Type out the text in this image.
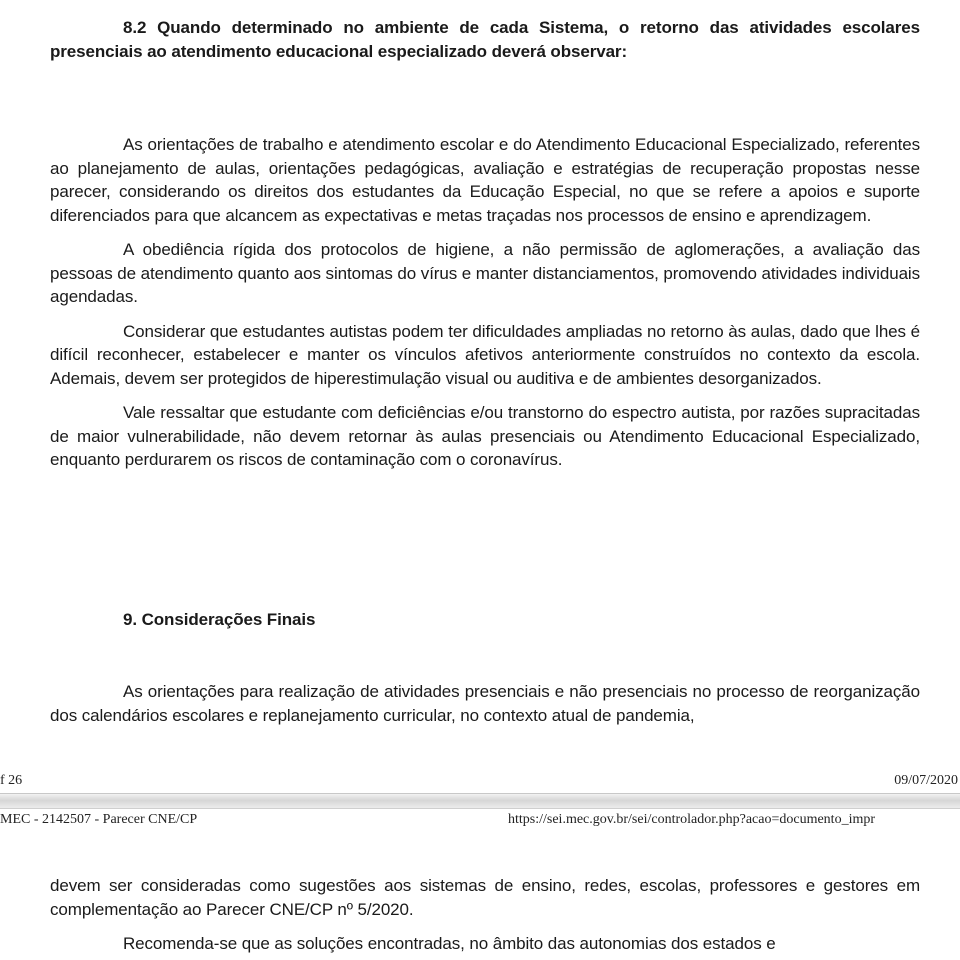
8.2 Quando determinado no ambiente de cada Sistema, o retorno das atividades escolares presenciais ao atendimento educacional especializado deverá observar:

As orientações de trabalho e atendimento escolar e do Atendimento Educacional Especializado, referentes ao planejamento de aulas, orientações pedagógicas, avaliação e estratégias de recuperação propostas nesse parecer, considerando os direitos dos estudantes da Educação Especial, no que se refere a apoios e suporte diferenciados para que alcancem as expectativas e metas traçadas nos processos de ensino e aprendizagem.

A obediência rígida dos protocolos de higiene, a não permissão de aglomerações, a avaliação das pessoas de atendimento quanto aos sintomas do vírus e manter distanciamentos, promovendo atividades individuais agendadas.

Considerar que estudantes autistas podem ter dificuldades ampliadas no retorno às aulas, dado que lhes é difícil reconhecer, estabelecer e manter os vínculos afetivos anteriormente construídos no contexto da escola. Ademais, devem ser protegidos de hiperestimulação visual ou auditiva e de ambientes desorganizados.

Vale ressaltar que estudante com deficiências e/ou transtorno do espectro autista, por razões supracitadas de maior vulnerabilidade, não devem retornar às aulas presenciais ou Atendimento Educacional Especializado, enquanto perdurarem os riscos de contaminação com o coronavírus.

9. Considerações Finais

As orientações para realização de atividades presenciais e não presenciais no processo de reorganização dos calendários escolares e replanejamento curricular, no contexto atual de pandemia,

f 26	09/07/2020
MEC - 2142507 - Parecer CNE/CP	https://sei.mec.gov.br/sei/controlador.php?acao=documento_impr

devem ser consideradas como sugestões aos sistemas de ensino, redes, escolas, professores e gestores em complementação ao Parecer CNE/CP nº 5/2020.

Recomenda-se que as soluções encontradas, no âmbito das autonomias dos estados e
